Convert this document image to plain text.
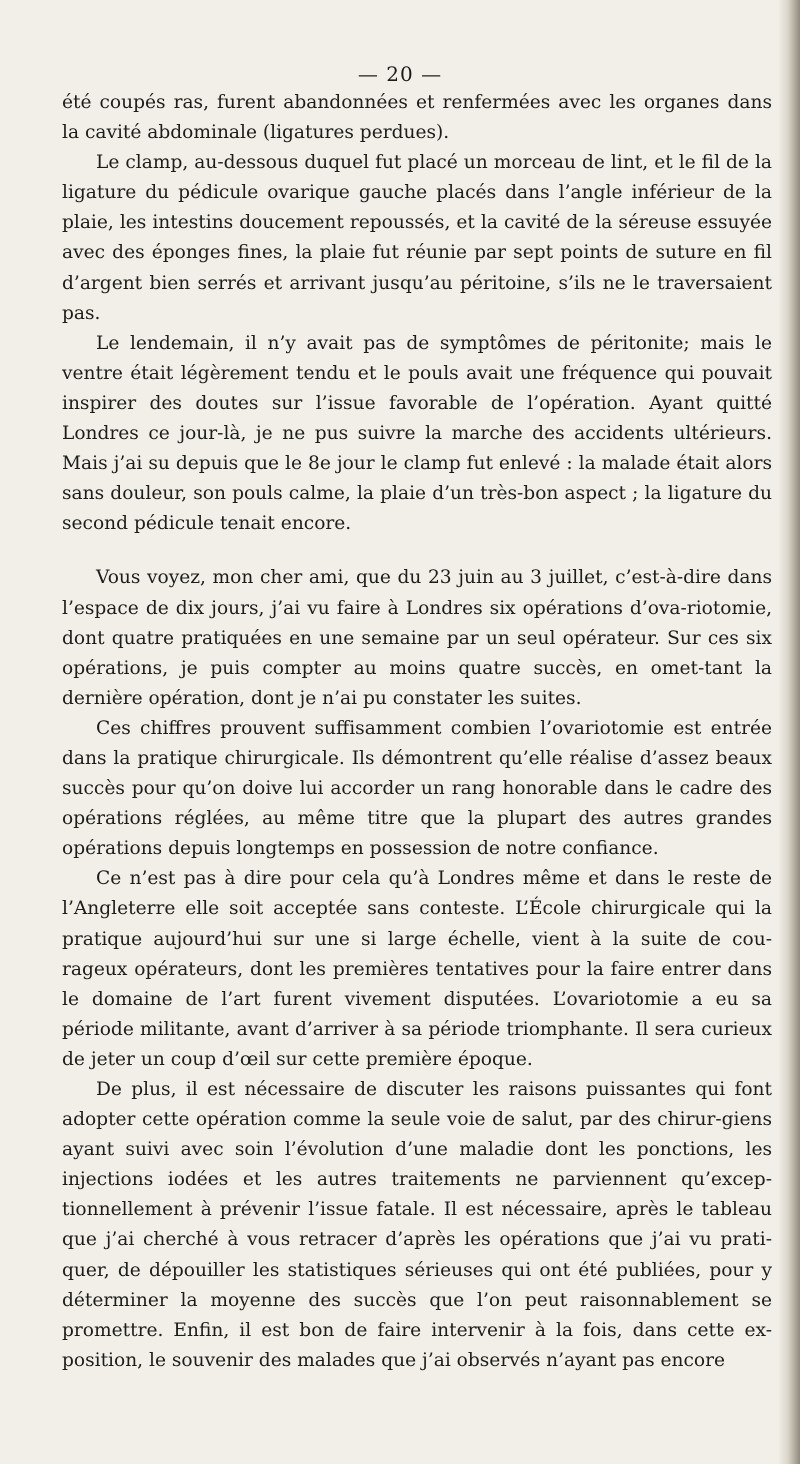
— 20 —

été coupés ras, furent abandonnées et renfermées avec les organes dans la cavité abdominale (ligatures perdues).

Le clamp, au-dessous duquel fut placé un morceau de lint, et le fil de la ligature du pédicule ovarique gauche placés dans l’angle inférieur de la plaie, les intestins doucement repoussés, et la cavité de la séreuse essuyée avec des éponges fines, la plaie fut réunie par sept points de suture en fil d’argent bien serrés et arrivant jusqu’au péritoine, s’ils ne le traversaient pas.

Le lendemain, il n’y avait pas de symptômes de péritonite; mais le ventre était légèrement tendu et le pouls avait une fréquence qui pouvait inspirer des doutes sur l’issue favorable de l’opération. Ayant quitté Londres ce jour-là, je ne pus suivre la marche des accidents ultérieurs. Mais j’ai su depuis que le 8e jour le clamp fut enlevé : la malade était alors sans douleur, son pouls calme, la plaie d’un très-bon aspect ; la ligature du second pédicule tenait encore.

Vous voyez, mon cher ami, que du 23 juin au 3 juillet, c’est-à-dire dans l’espace de dix jours, j’ai vu faire à Londres six opérations d’ova-riotomie, dont quatre pratiquées en une semaine par un seul opérateur. Sur ces six opérations, je puis compter au moins quatre succès, en omet-tant la dernière opération, dont je n’ai pu constater les suites.

Ces chiffres prouvent suffisamment combien l’ovariotomie est entrée dans la pratique chirurgicale. Ils démontrent qu’elle réalise d’assez beaux succès pour qu’on doive lui accorder un rang honorable dans le cadre des opérations réglées, au même titre que la plupart des autres grandes opérations depuis longtemps en possession de notre confiance.

Ce n’est pas à dire pour cela qu’à Londres même et dans le reste de l’Angleterre elle soit acceptée sans conteste. L’École chirurgicale qui la pratique aujourd’hui sur une si large échelle, vient à la suite de cou-rageux opérateurs, dont les premières tentatives pour la faire entrer dans le domaine de l’art furent vivement disputées. L’ovariotomie a eu sa période militante, avant d’arriver à sa période triomphante. Il sera curieux de jeter un coup d’œil sur cette première époque.

De plus, il est nécessaire de discuter les raisons puissantes qui font adopter cette opération comme la seule voie de salut, par des chirur-giens ayant suivi avec soin l’évolution d’une maladie dont les ponctions, les injections iodées et les autres traitements ne parviennent qu’excep-tionnellement à prévenir l’issue fatale. Il est nécessaire, après le tableau que j’ai cherché à vous retracer d’après les opérations que j’ai vu prati-quer, de dépouiller les statistiques sérieuses qui ont été publiées, pour y déterminer la moyenne des succès que l’on peut raisonnablement se promettre. Enfin, il est bon de faire intervenir à la fois, dans cette ex-position, le souvenir des malades que j’ai observés n’ayant pas encore
